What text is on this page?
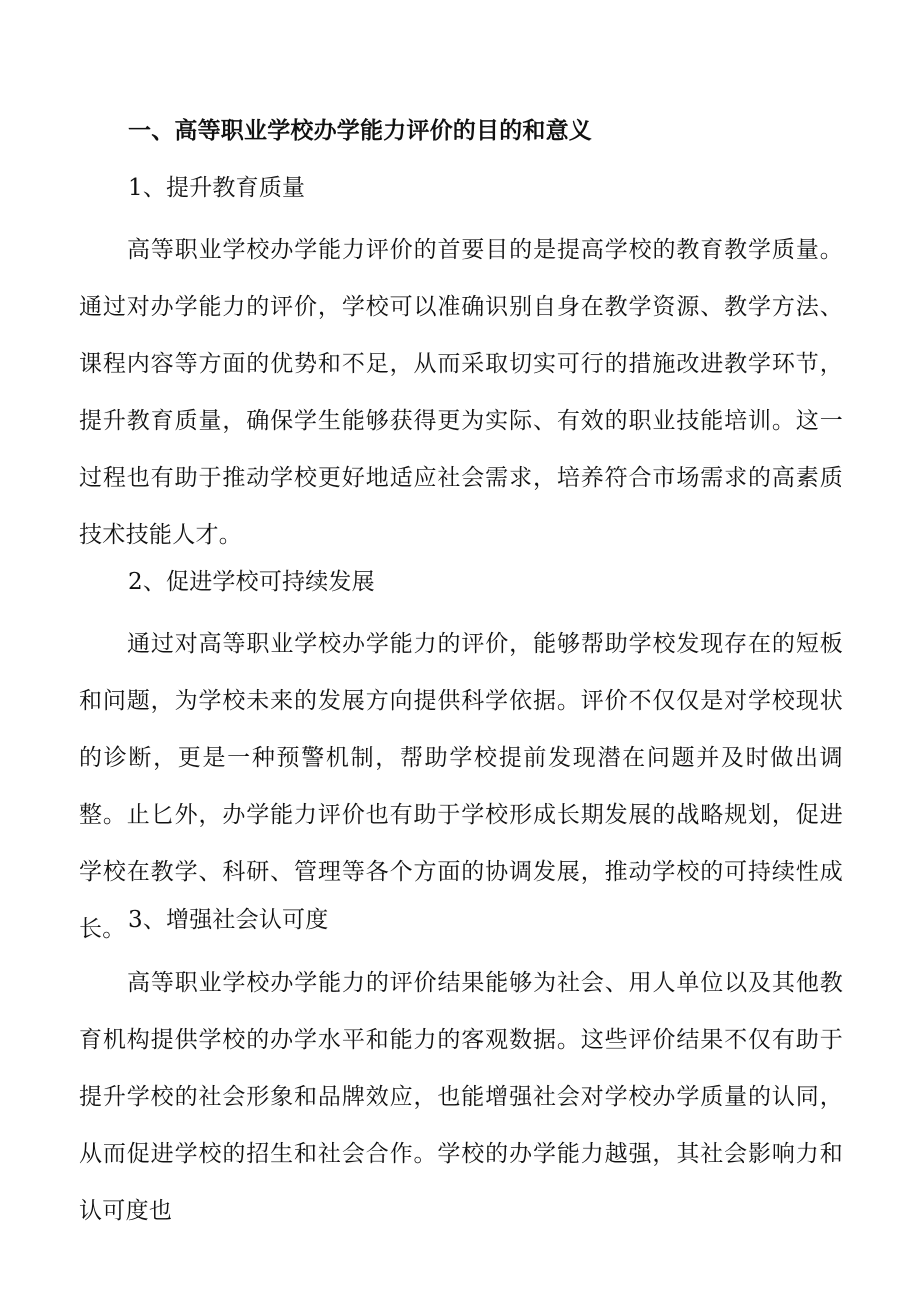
一、高等职业学校办学能力评价的目的和意义
1、提升教育质量
高等职业学校办学能力评价的首要目的是提高学校的教育教学质量。通过对办学能力的评价，学校可以准确识别自身在教学资源、教学方法、课程内容等方面的优势和不足，从而采取切实可行的措施改进教学环节，提升教育质量，确保学生能够获得更为实际、有效的职业技能培训。这一过程也有助于推动学校更好地适应社会需求，培养符合市场需求的高素质技术技能人才。
2、促进学校可持续发展
通过对高等职业学校办学能力的评价，能够帮助学校发现存在的短板和问题，为学校未来的发展方向提供科学依据。评价不仅仅是对学校现状的诊断，更是一种预警机制，帮助学校提前发现潜在问题并及时做出调整。止匕外，办学能力评价也有助于学校形成长期发展的战略规划，促进学校在教学、科研、管理等各个方面的协调发展，推动学校的可持续性成长。 3、增强社会认可度
高等职业学校办学能力的评价结果能够为社会、用人单位以及其他教育机构提供学校的办学水平和能力的客观数据。这些评价结果不仅有助于提升学校的社会形象和品牌效应，也能增强社会对学校办学质量的认同，从而促进学校的招生和社会合作。学校的办学能力越强，其社会影响力和认可度也
